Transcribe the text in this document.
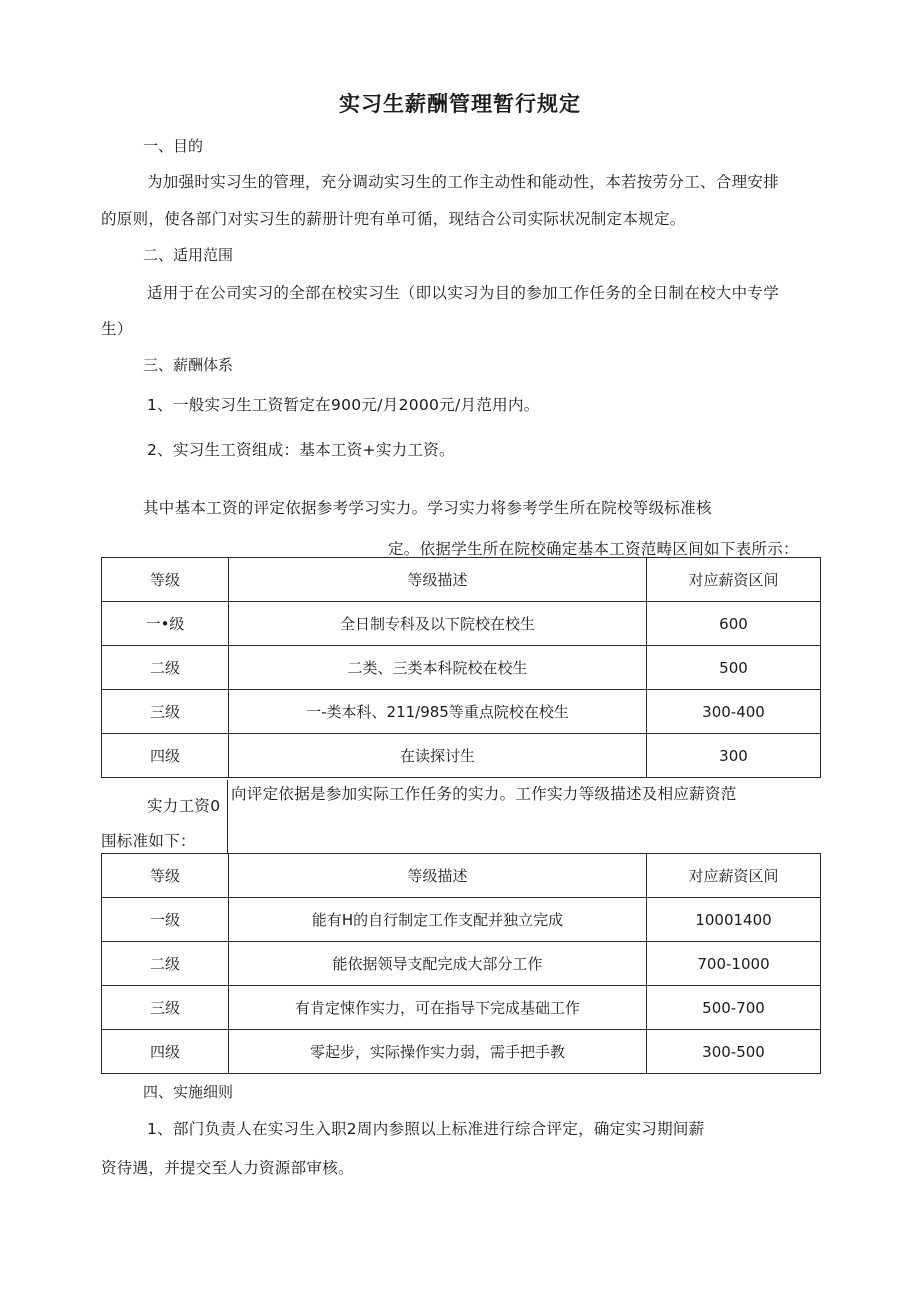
实习生薪酬管理暂行规定
一、目的
为加强时实习生的管理，充分调动实习生的工作主动性和能动性，本若按劳分工、合理安排
的原则，使各部门对实习生的薪册计兜有单可循，现结合公司实际状况制定本规定。
二、适用范围
适用于在公司实习的全部在校实习生（即以实习为目的参加工作任务的全日制在校大中专学
生）
三、薪酬体系
1、一般实习生工资暂定在900元/月2000元/月范用内。
2、实习生工资组成：基本工资+实力工资。
其中基本工资的评定依据参考学习实力。学习实力将参考学生所在院校等级标准核
定。依据学生所在院校确定基本工资范畴区间如下表所示：
等级	等级描述	对应薪资区间
一•级	全日制专科及以下院校在校生	600
二级	二类、三类本科院校在校生	500
三级	一-类本科、211/985等重点院校在校生	300-400
四级	在读探讨生	300
实力工资0
向评定依据是参加实际工作任务的实力。工作实力等级描述及相应薪资范
围标准如下：
等级	等级描述	对应薪资区间
一级	能有H的自行制定工作支配并独立完成	10001400
二级	能依据领导支配完成大部分工作	700-1000
三级	有肯定悚作实力，可在指导下完成基础工作	500-700
四级	零起步，实际操作实力弱，需手把手教	300-500
四、实施细则
1、部门负责人在实习生入职2周内参照以上标准进行综合评定，确定实习期间薪
资待遇，并提交至人力资源部审核。
